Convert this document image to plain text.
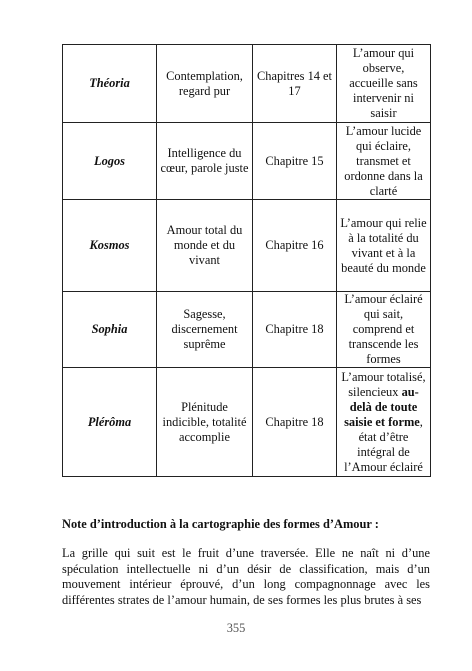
Théoria	Contemplation, regard pur	Chapitres 14 et 17	L’amour qui observe, accueille sans intervenir ni saisir
Logos	Intelligence du cœur, parole juste	Chapitre 15	L’amour lucide qui éclaire, transmet et ordonne dans la clarté
Kosmos	Amour total du monde et du vivant	Chapitre 16	L’amour qui relie à la totalité du vivant et à la beauté du monde
Sophia	Sagesse, discernement suprême	Chapitre 18	L’amour éclairé qui sait, comprend et transcende les formes
Plérôma	Plénitude indicible, totalité accomplie	Chapitre 18	L’amour totalisé, silencieux au-delà de toute saisie et forme, état d’être intégral de l’Amour éclairé

Note d’introduction à la cartographie des formes d’Amour :

La grille qui suit est le fruit d’une traversée. Elle ne naît ni d’une spéculation intellectuelle ni d’un désir de classification, mais d’un mouvement intérieur éprouvé, d’un long compagnonnage avec les différentes strates de l’amour humain, de ses formes les plus brutes à ses

355
